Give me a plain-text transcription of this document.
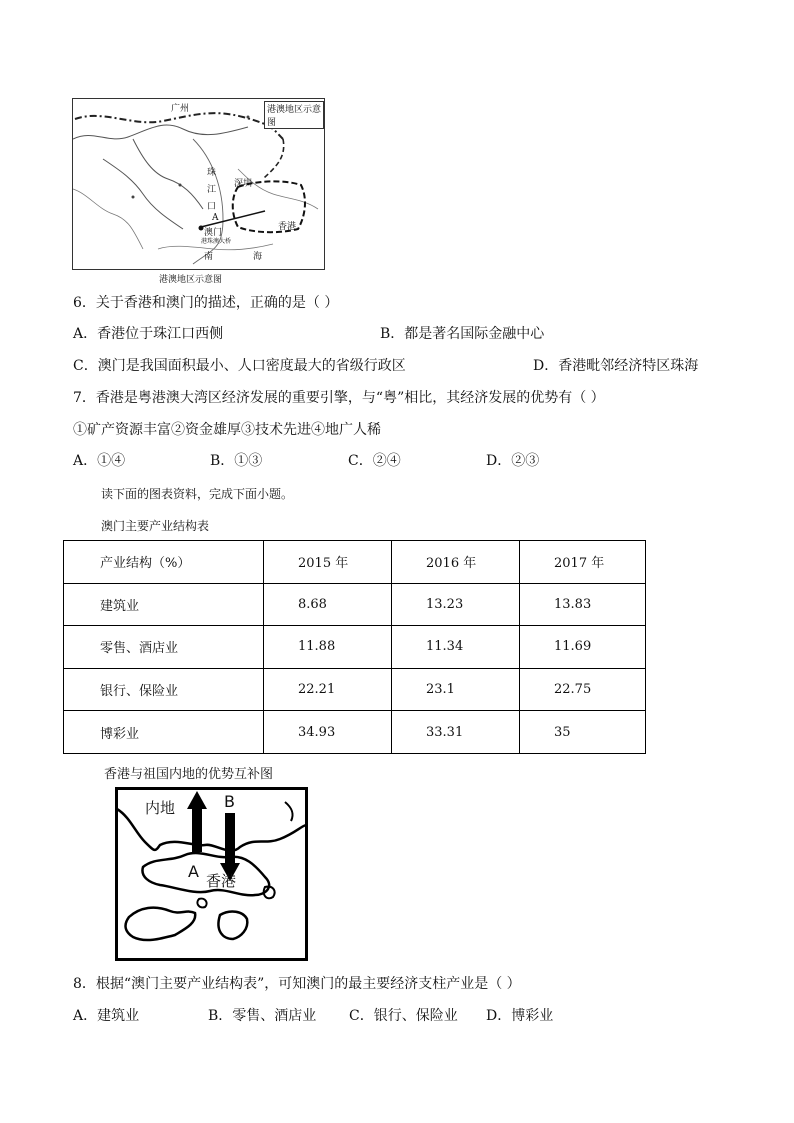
港澳地区示意图
广州
珠
江
口
深圳
A
澳门
港珠澳大桥
香港
南	海
港澳地区示意图
6．关于香港和澳门的描述，正确的是（ ）
A．香港位于珠江口西侧	B．都是著名国际金融中心
C．澳门是我国面积最小、人口密度最大的省级行政区	D．香港毗邻经济特区珠海
7．香港是粤港澳大湾区经济发展的重要引擎，与“粤”相比，其经济发展的优势有（ ）
①矿产资源丰富②资金雄厚③技术先进④地广人稀
A．①④	B．①③	C．②④	D．②③
读下面的图表资料，完成下面小题。
澳门主要产业结构表
产业结构（%）	2015 年	2016 年	2017 年
建筑业	8.68	13.23	13.83
零售、酒店业	11.88	11.34	11.69
银行、保险业	22.21	23.1	22.75
博彩业	34.93	33.31	35
香港与祖国内地的优势互补图
内地	B
A 香港
8．根据“澳门主要产业结构表”，可知澳门的最主要经济支柱产业是（ ）
A．建筑业	B．零售、酒店业 C．银行、保险业 D．博彩业
